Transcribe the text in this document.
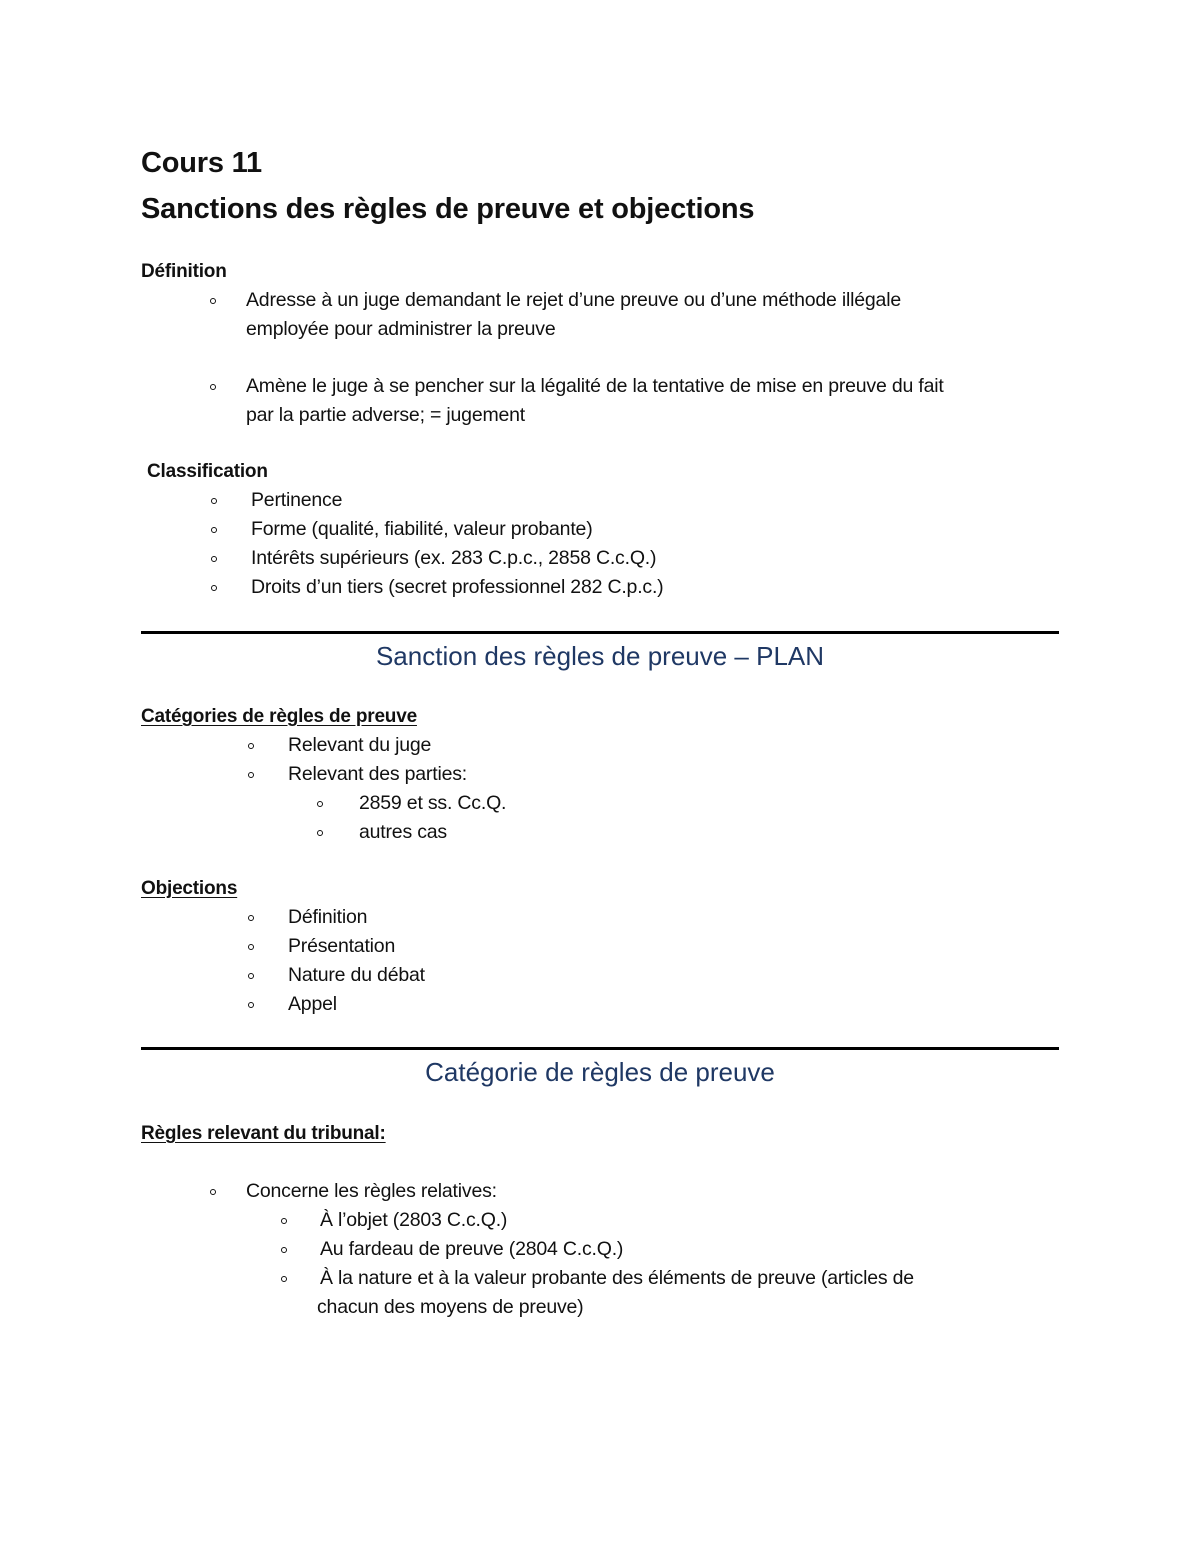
Cours 11
Sanctions des règles de preuve et objections
Définition
Adresse à un juge demandant le rejet d’une preuve ou d’une méthode illégale
employée pour administrer la preuve
Amène le juge à se pencher sur la légalité de la tentative de mise en preuve du fait
par la partie adverse; = jugement
Classification
Pertinence
Forme (qualité, fiabilité, valeur probante)
Intérêts supérieurs (ex. 283 C.p.c., 2858 C.c.Q.)
Droits d’un tiers (secret professionnel 282 C.p.c.)
Sanction des règles de preuve – PLAN
Catégories de règles de preuve
Relevant du juge
Relevant des parties:
2859 et ss. Cc.Q.
autres cas
Objections
Définition
Présentation
Nature du débat
Appel
Catégorie de règles de preuve
Règles relevant du tribunal:
Concerne les règles relatives:
À l’objet (2803 C.c.Q.)
Au fardeau de preuve (2804 C.c.Q.)
À la nature et à la valeur probante des éléments de preuve (articles de
chacun des moyens de preuve)
